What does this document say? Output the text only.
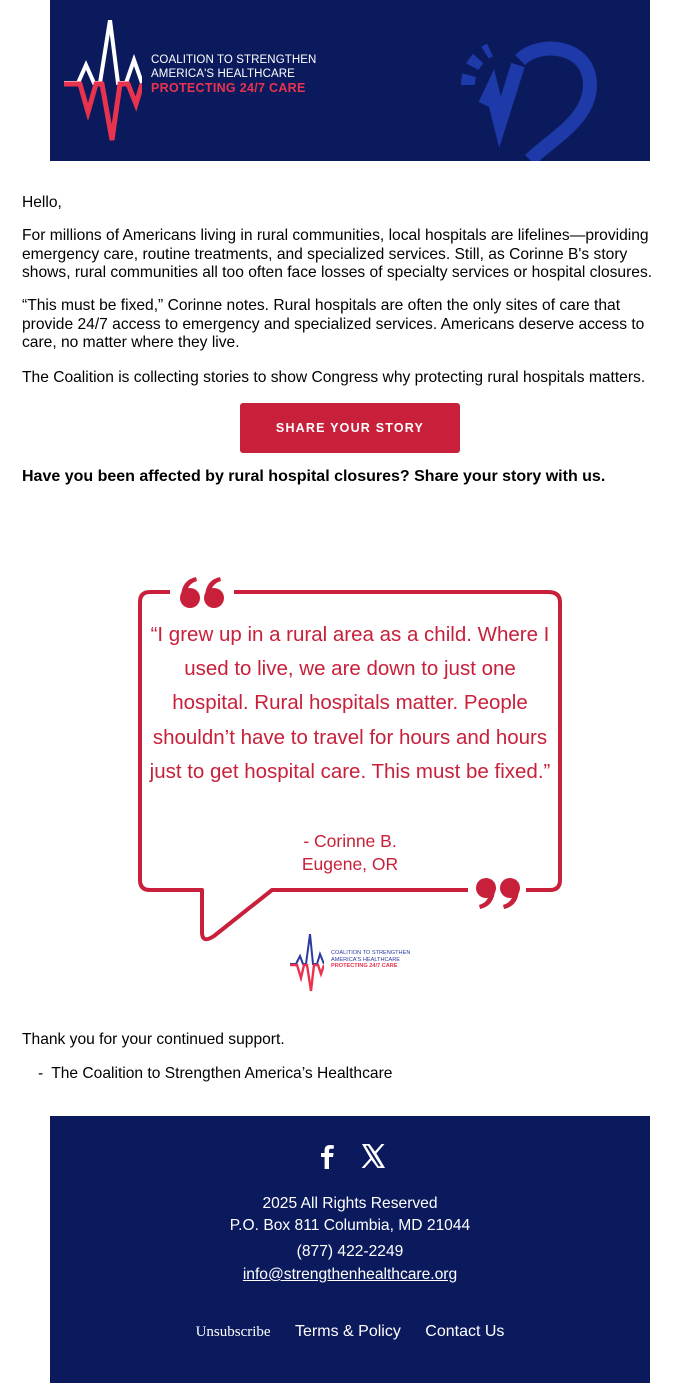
COALITION TO STRENGTHEN
AMERICA'S HEALTHCARE
PROTECTING 24/7 CARE
Hello,
For millions of Americans living in rural communities, local hospitals are lifelines—providing emergency care, routine treatments, and specialized services. Still, as Corinne B's story shows, rural communities all too often face losses of specialty services or hospital closures.
“This must be fixed,” Corinne notes. Rural hospitals are often the only sites of care that provide 24/7 access to emergency and specialized services. Americans deserve access to care, no matter where they live.
The Coalition is collecting stories to show Congress why protecting rural hospitals matters.
SHARE YOUR STORY
Have you been affected by rural hospital closures? Share your story with us.
“I grew up in a rural area as a child. Where I used to live, we are down to just one hospital. Rural hospitals matter. People shouldn’t have to travel for hours and hours just to get hospital care. This must be fixed.”
- Corinne B.
Eugene, OR
COALITION TO STRENGTHEN
AMERICA'S HEALTHCARE
PROTECTING 24/7 CARE
Thank you for your continued support.
- The Coalition to Strengthen America’s Healthcare

2025 All Rights Reserved
P.O. Box 811 Columbia, MD 21044
(877) 422-2249
info@strengthenhealthcare.org
Unsubscribe Terms & Policy Contact Us
